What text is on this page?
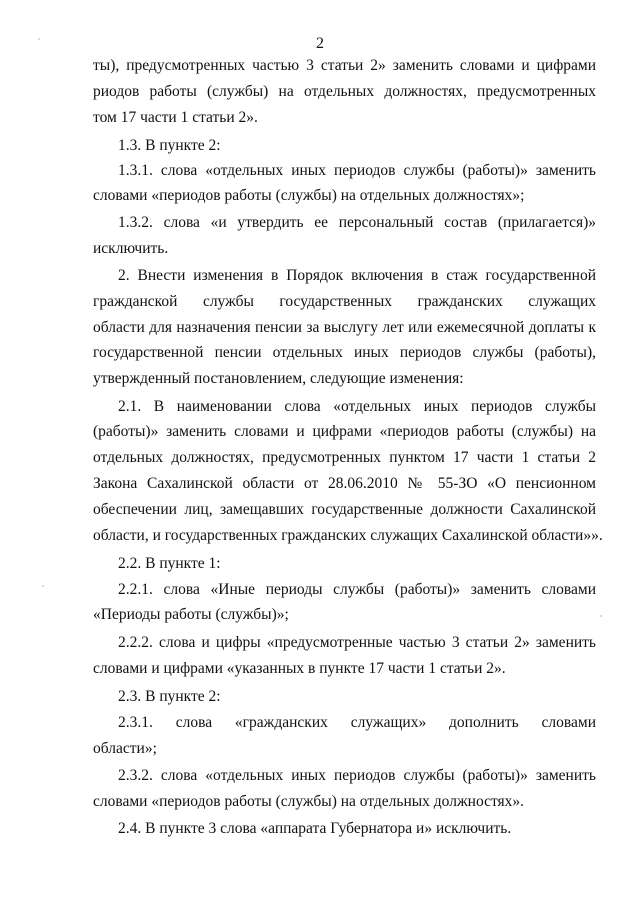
2
ты), предусмотренных частью 3 статьи 2» заменить словами и цифрами
риодов работы (службы) на отдельных должностях, предусмотренных
том 17 части 1 статьи 2».
1.3. В пункте 2:
1.3.1. слова «отдельных иных периодов службы (работы)» заменить
словами «периодов работы (службы) на отдельных должностях»;
1.3.2. слова «и утвердить ее персональный состав (прилагается)»
исключить.
2. Внести изменения в Порядок включения в стаж государственной
гражданской службы государственных гражданских служащих
области для назначения пенсии за выслугу лет или ежемесячной доплаты к
государственной пенсии отдельных иных периодов службы (работы),
утвержденный постановлением, следующие изменения:
2.1. В наименовании слова «отдельных иных периодов службы
(работы)» заменить словами и цифрами «периодов работы (службы) на
отдельных должностях, предусмотренных пунктом 17 части 1 статьи 2
Закона Сахалинской области от 28.06.2010 № 55-ЗО «О пенсионном
обеспечении лиц, замещавших государственные должности Сахалинской
области, и государственных гражданских служащих Сахалинской области»».
2.2. В пункте 1:
2.2.1. слова «Иные периоды службы (работы)» заменить словами
«Периоды работы (службы)»;
2.2.2. слова и цифры «предусмотренные частью 3 статьи 2» заменить
словами и цифрами «указанных в пункте 17 части 1 статьи 2».
2.3. В пункте 2:
2.3.1. слова «гражданских служащих» дополнить словами
области»;
2.3.2. слова «отдельных иных периодов службы (работы)» заменить
словами «периодов работы (службы) на отдельных должностях».
2.4. В пункте 3 слова «аппарата Губернатора и» исключить.
